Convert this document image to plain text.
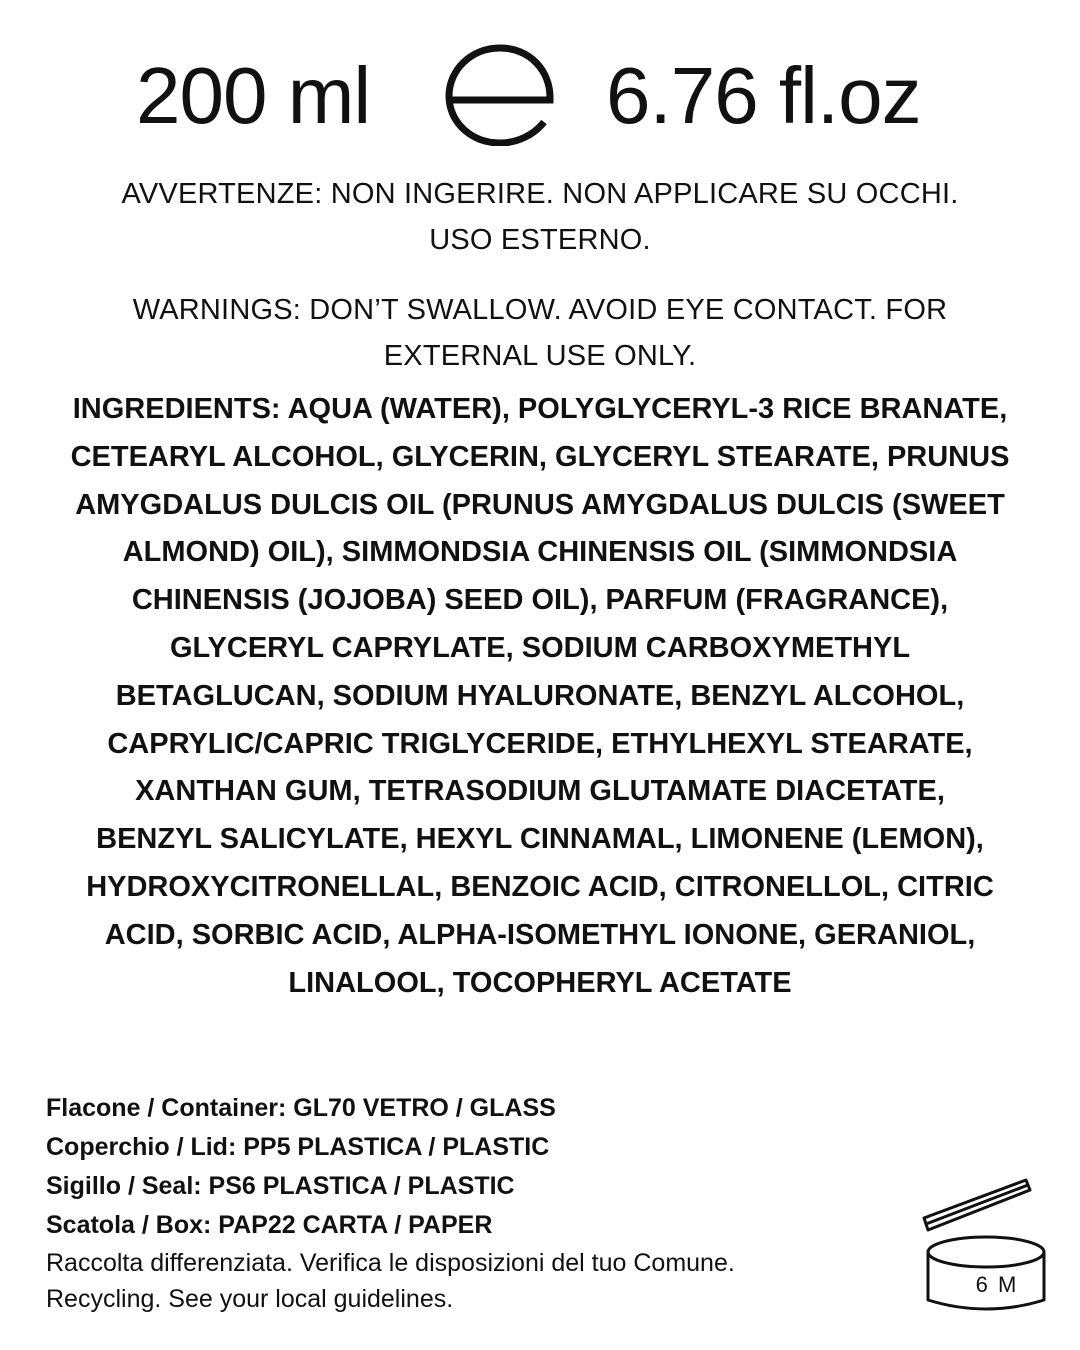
200 ml	6.76 fl.oz
AVVERTENZE: NON INGERIRE. NON APPLICARE SU OCCHI.
USO ESTERNO.
WARNINGS: DON’T SWALLOW. AVOID EYE CONTACT. FOR
EXTERNAL USE ONLY.
INGREDIENTS: AQUA (WATER), POLYGLYCERYL-3 RICE BRANATE,
CETEARYL ALCOHOL, GLYCERIN, GLYCERYL STEARATE, PRUNUS
AMYGDALUS DULCIS OIL (PRUNUS AMYGDALUS DULCIS (SWEET
ALMOND) OIL), SIMMONDSIA CHINENSIS OIL (SIMMONDSIA
CHINENSIS (JOJOBA) SEED OIL), PARFUM (FRAGRANCE),
GLYCERYL CAPRYLATE, SODIUM CARBOXYMETHYL
BETAGLUCAN, SODIUM HYALURONATE, BENZYL ALCOHOL,
CAPRYLIC/CAPRIC TRIGLYCERIDE, ETHYLHEXYL STEARATE,
XANTHAN GUM, TETRASODIUM GLUTAMATE DIACETATE,
BENZYL SALICYLATE, HEXYL CINNAMAL, LIMONENE (LEMON),
HYDROXYCITRONELLAL, BENZOIC ACID, CITRONELLOL, CITRIC
ACID, SORBIC ACID, ALPHA-ISOMETHYL IONONE, GERANIOL,
LINALOOL, TOCOPHERYL ACETATE
Flacone / Container: GL70 VETRO / GLASS
Coperchio / Lid: PP5 PLASTICA / PLASTIC
Sigillo / Seal: PS6 PLASTICA / PLASTIC
Scatola / Box: PAP22 CARTA / PAPER
Raccolta differenziata. Verifica le disposizioni del tuo Comune.
Recycling. See your local guidelines.
6 M
